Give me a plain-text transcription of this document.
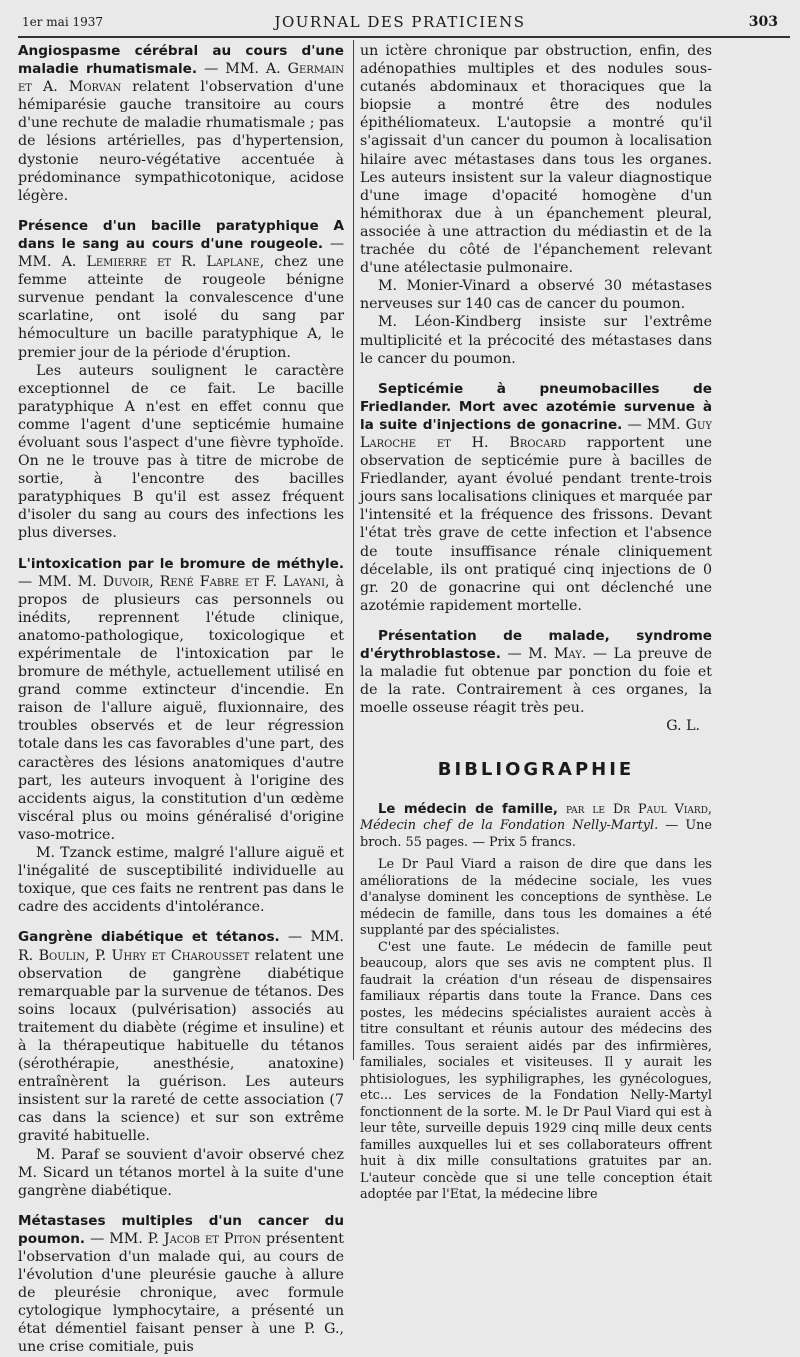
1er mai 1937	JOURNAL DES PRATICIENS	303

Angiospasme cérébral au cours d'une maladie rhumatismale. — MM. A. Germain et A. Morvan relatent l'observation d'une hémiparésie gauche transitoire au cours d'une rechute de maladie rhumatismale ; pas de lésions artérielles, pas d'hypertension, dystonie neuro-végétative accentuée à prédominance sympathicotonique, acidose légère.

Présence d'un bacille paratyphique A dans le sang au cours d'une rougeole. — MM. A. Lemierre et R. Laplane, chez une femme atteinte de rougeole bénigne survenue pendant la convalescence d'une scarlatine, ont isolé du sang par hémoculture un bacille paratyphique A, le premier jour de la période d'éruption.

Les auteurs soulignent le caractère exceptionnel de ce fait. Le bacille paratyphique A n'est en effet connu que comme l'agent d'une septicémie humaine évoluant sous l'aspect d'une fièvre typhoïde. On ne le trouve pas à titre de microbe de sortie, à l'encontre des bacilles paratyphiques B qu'il est assez fréquent d'isoler du sang au cours des infections les plus diverses.

L'intoxication par le bromure de méthyle. — MM. M. Duvoir, René Fabre et F. Layani, à propos de plusieurs cas personnels ou inédits, reprennent l'étude clinique, anatomo-pathologique, toxicologique et expérimentale de l'intoxication par le bromure de méthyle, actuellement utilisé en grand comme extincteur d'incendie. En raison de l'allure aiguë, fluxionnaire, des troubles observés et de leur régression totale dans les cas favorables d'une part, des caractères des lésions anatomiques d'autre part, les auteurs invoquent à l'origine des accidents aigus, la constitution d'un œdème viscéral plus ou moins généralisé d'origine vaso-motrice.

M. Tzanck estime, malgré l'allure aiguë et l'inégalité de susceptibilité individuelle au toxique, que ces faits ne rentrent pas dans le cadre des accidents d'intolérance.

Gangrène diabétique et tétanos. — MM. R. Boulin, P. Uhry et Charousset relatent une observation de gangrène diabétique remarquable par la survenue de tétanos. Des soins locaux (pulvérisation) associés au traitement du diabète (régime et insuline) et à la thérapeutique habituelle du tétanos (sérothérapie, anesthésie, anatoxine) entraînèrent la guérison. Les auteurs insistent sur la rareté de cette association (7 cas dans la science) et sur son extrême gravité habituelle.

M. Paraf se souvient d'avoir observé chez M. Sicard un tétanos mortel à la suite d'une gangrène diabétique.

Métastases multiples d'un cancer du poumon. — MM. P. Jacob et Piton présentent l'observation d'un malade qui, au cours de l'évolution d'une pleurésie gauche à allure de pleurésie chronique, avec formule cytologique lymphocytaire, a présenté un état démentiel faisant penser à une P. G., une crise comitiale, puis

un ictère chronique par obstruction, enfin, des adénopathies multiples et des nodules sous-cutanés abdominaux et thoraciques que la biopsie a montré être des nodules épithéliomateux. L'autopsie a montré qu'il s'agissait d'un cancer du poumon à localisation hilaire avec métastases dans tous les organes. Les auteurs insistent sur la valeur diagnostique d'une image d'opacité homogène d'un hémithorax due à un épanchement pleural, associée à une attraction du médiastin et de la trachée du côté de l'épanchement relevant d'une atélectasie pulmonaire.

M. Monier-Vinard a observé 30 métastases nerveuses sur 140 cas de cancer du poumon.

M. Léon-Kindberg insiste sur l'extrême multiplicité et la précocité des métastases dans le cancer du poumon.

Septicémie à pneumobacilles de Friedlander. Mort avec azotémie survenue à la suite d'injections de gonacrine. — MM. Guy Laroche et H. Brocard rapportent une observation de septicémie pure à bacilles de Friedlander, ayant évolué pendant trente-trois jours sans localisations cliniques et marquée par l'intensité et la fréquence des frissons. Devant l'état très grave de cette infection et l'absence de toute insuffisance rénale cliniquement décelable, ils ont pratiqué cinq injections de 0 gr. 20 de gonacrine qui ont déclenché une azotémie rapidement mortelle.

Présentation de malade, syndrome d'érythroblastose. — M. May. — La preuve de la maladie fut obtenue par ponction du foie et de la rate. Contrairement à ces organes, la moelle osseuse réagit très peu.

G. L.

BIBLIOGRAPHIE

Le médecin de famille, par le Dr Paul Viard, Médecin chef de la Fondation Nelly-Martyl. — Une broch. 55 pages. — Prix 5 francs.

Le Dr Paul Viard a raison de dire que dans les améliorations de la médecine sociale, les vues d'analyse dominent les conceptions de synthèse. Le médecin de famille, dans tous les domaines a été supplanté par des spécialistes.

C'est une faute. Le médecin de famille peut beaucoup, alors que ses avis ne comptent plus. Il faudrait la création d'un réseau de dispensaires familiaux répartis dans toute la France. Dans ces postes, les médecins spécialistes auraient accès à titre consultant et réunis autour des médecins des familles. Tous seraient aidés par des infirmières, familiales, sociales et visiteuses. Il y aurait les phtisiologues, les syphiligraphes, les gynécologues, etc... Les services de la Fondation Nelly-Martyl fonctionnent de la sorte. M. le Dr Paul Viard qui est à leur tête, surveille depuis 1929 cinq mille deux cents familles auxquelles lui et ses collaborateurs offrent huit à dix mille consultations gratuites par an. L'auteur concède que si une telle conception était adoptée par l'Etat, la médecine libre
